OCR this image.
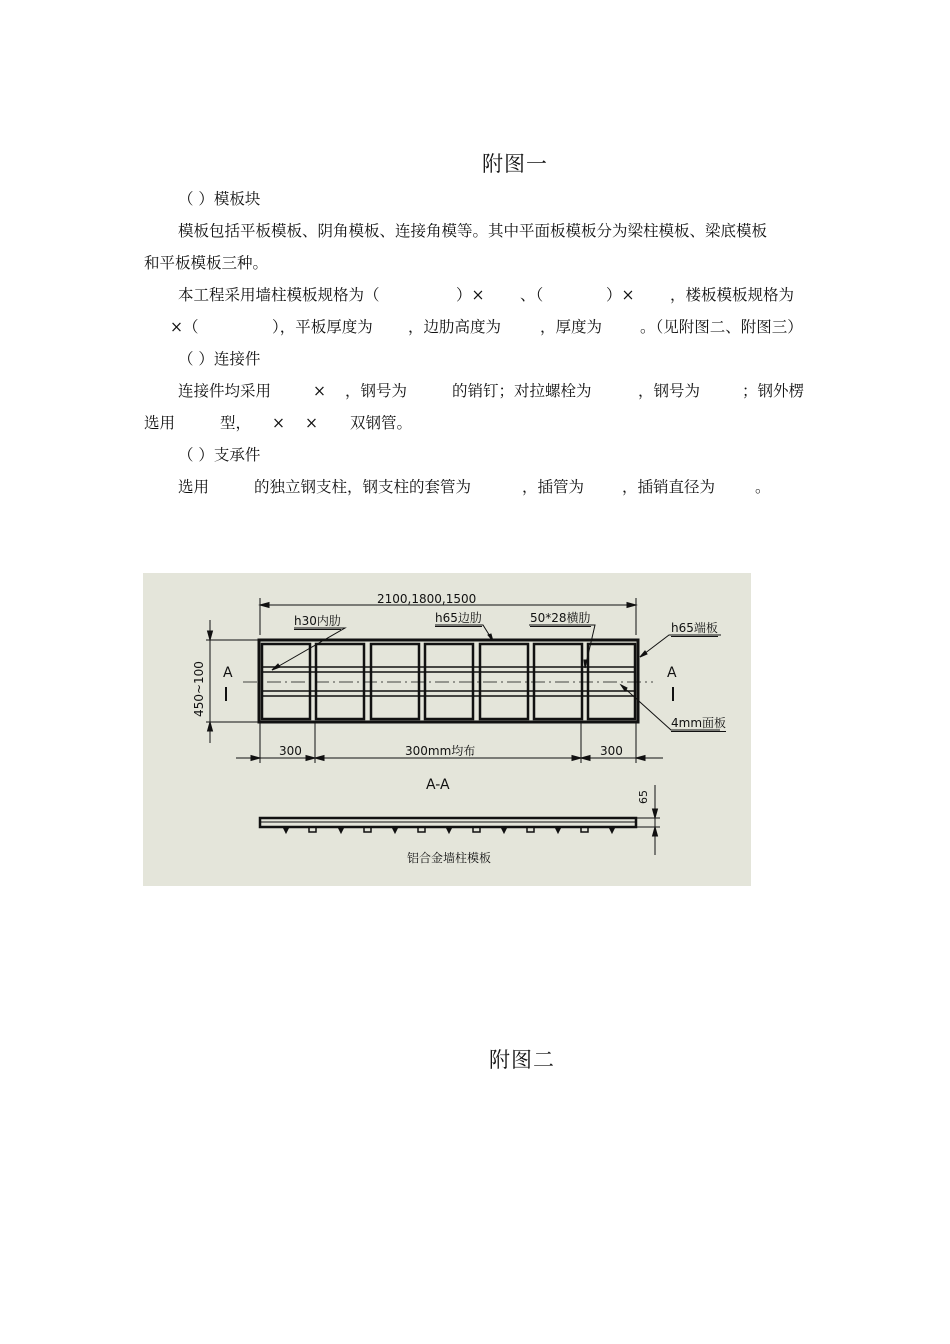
附图一
（ ）模板块
模板包括平板模板、阴角模板、连接角模等。其中平面板模板分为梁柱模板、梁底模板
和平板模板三种。
本工程采用墙柱模板规格为（	）× 、（	）× ，楼板模板规格为
×（	），平板厚度为 ，边肋高度为	，厚度为 。（见附图二、附图三）
（ ）连接件
连接件均采用	× ，钢号为	的销钉；对拉螺栓为	，钢号为	；钢外楞
选用	型， × × 双钢管。
（ ）支承件
选用	的独立钢支柱，钢支柱的套管为	，插管为 ，插销直径为	。
2100,1800,1500
h30内肋	h65边肋	50*28横肋
h65端板
4mm面板
450~100 A	A
300	300mm均布	300
A-A
65
铝合金墙柱模板
附图二
